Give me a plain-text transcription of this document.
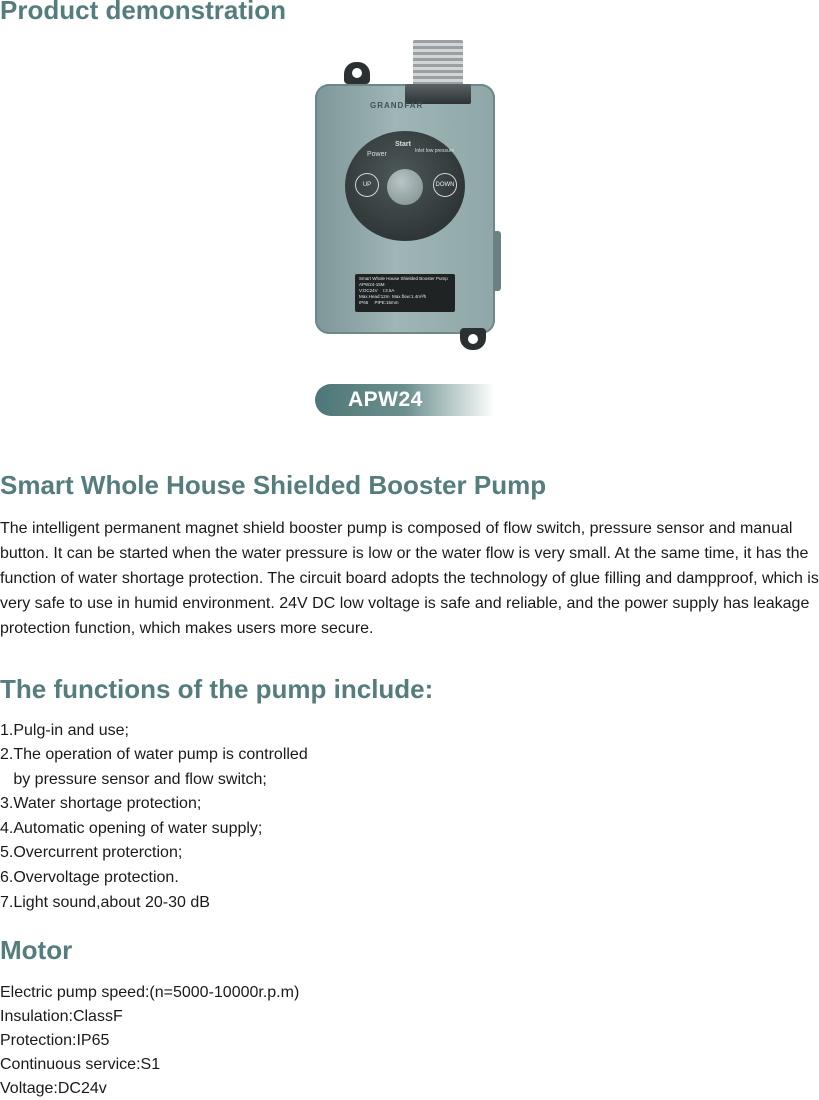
Product demonstration
GRANDFAR
Start
Power	Inlet low pressure
UP	DOWN
Smart Whole House Shielded Booster Pump
APW24-15M
V:DC24V I:3.5A
Max.Head:12m Max.flow:1.4m³/h
IP65 PIPE:15mm
APW24
Smart Whole House Shielded Booster Pump

The intelligent permanent magnet shield booster pump is composed of flow switch, pressure sensor and manual button. It can be started when the water pressure is low or the water flow is very small. At the same time, it has the function of water shortage protection. The circuit board adopts the technology of glue filling and dampproof, which is very safe to use in humid environment. 24V DC low voltage is safe and reliable, and the power supply has leakage protection function, which makes users more secure.

The functions of the pump include:

1.Pulg-in and use;

2.The operation of water pump is controlled

by pressure sensor and flow switch;

3.Water shortage protection;

4.Automatic opening of water supply;

5.Overcurrent proterction;

6.Overvoltage protection.

7.Light sound,about 20-30 dB

Motor

Electric pump speed:(n=5000-10000r.p.m)

Insulation:ClassF

Protection:IP65

Continuous service:S1

Voltage:DC24v
